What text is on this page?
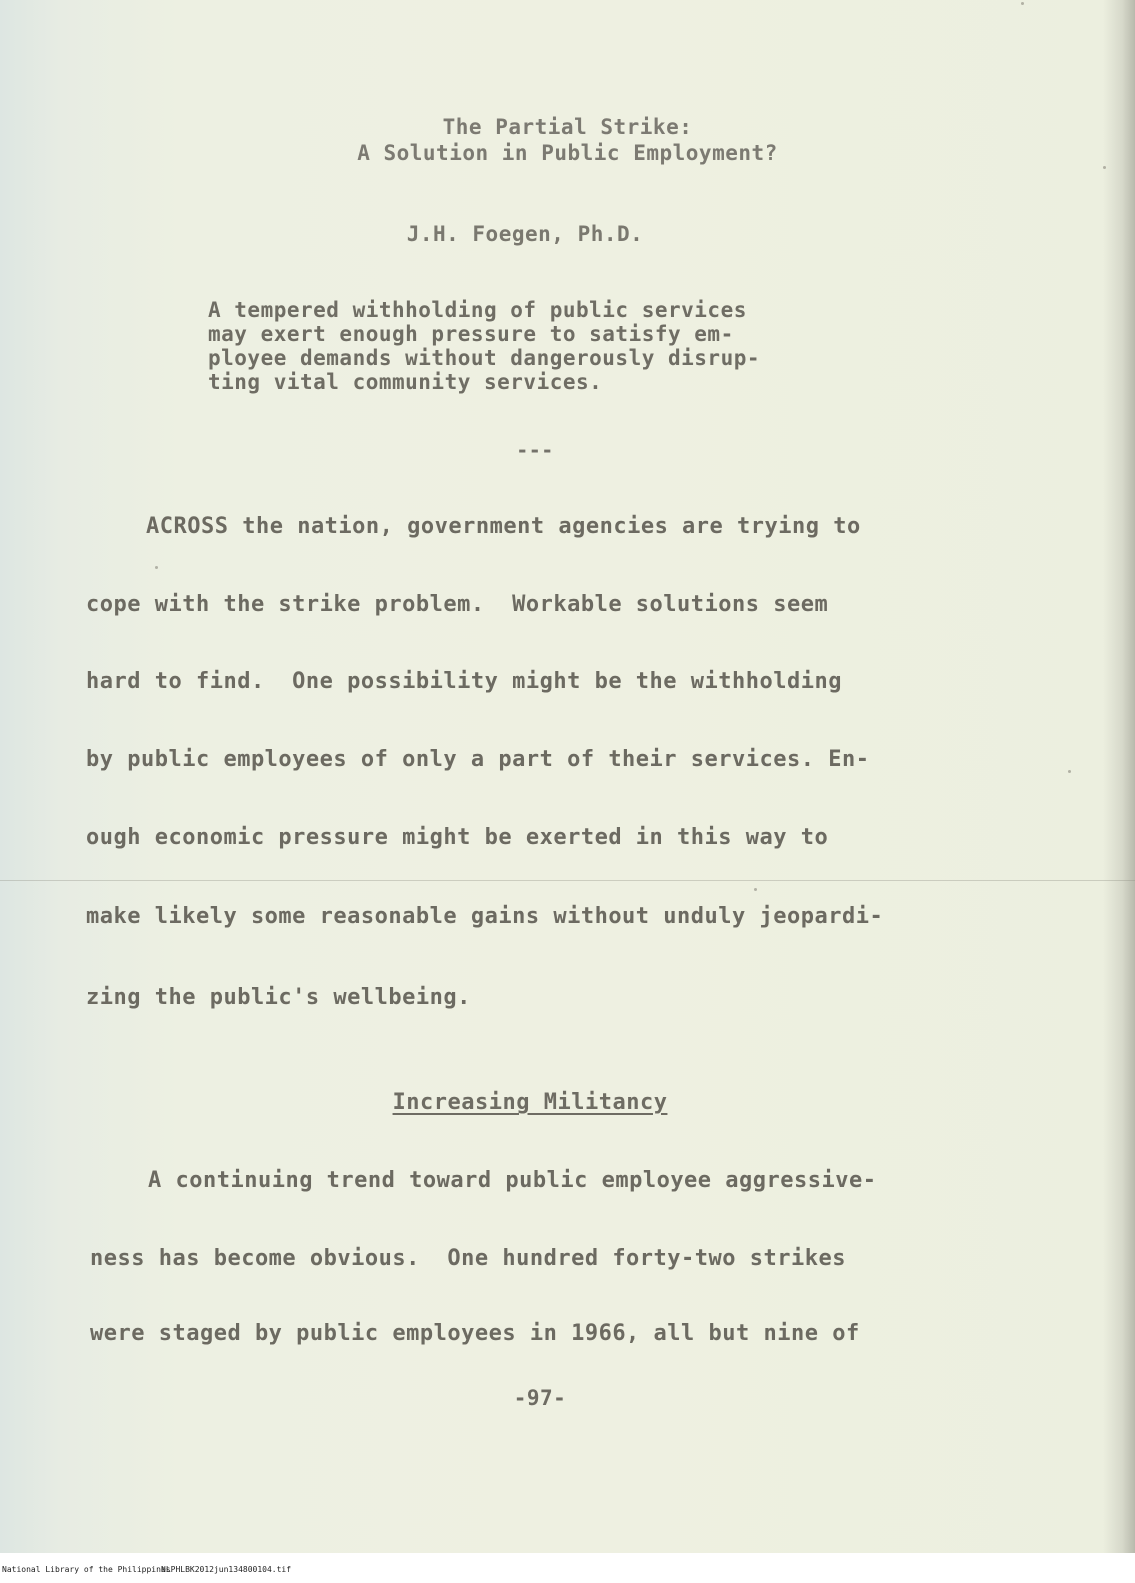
The Partial Strike:
A Solution in Public Employment?
J.H. Foegen, Ph.D.
A tempered withholding of public services
may exert enough pressure to satisfy em-
ployee demands without dangerously disrup-
ting vital community services.
---
ACROSS the nation, government agencies are trying to
cope with the strike problem.  Workable solutions seem
hard to find.  One possibility might be the withholding
by public employees of only a part of their services. En-
ough economic pressure might be exerted in this way to
make likely some reasonable gains without unduly jeopardi-
zing the public's wellbeing.
Increasing Militancy
A continuing trend toward public employee aggressive-
ness has become obvious.  One hundred forty-two strikes
were staged by public employees in 1966, all but nine of
-97-
National Library of the Philippines
NLPHLBK2012jun134800104.tif
